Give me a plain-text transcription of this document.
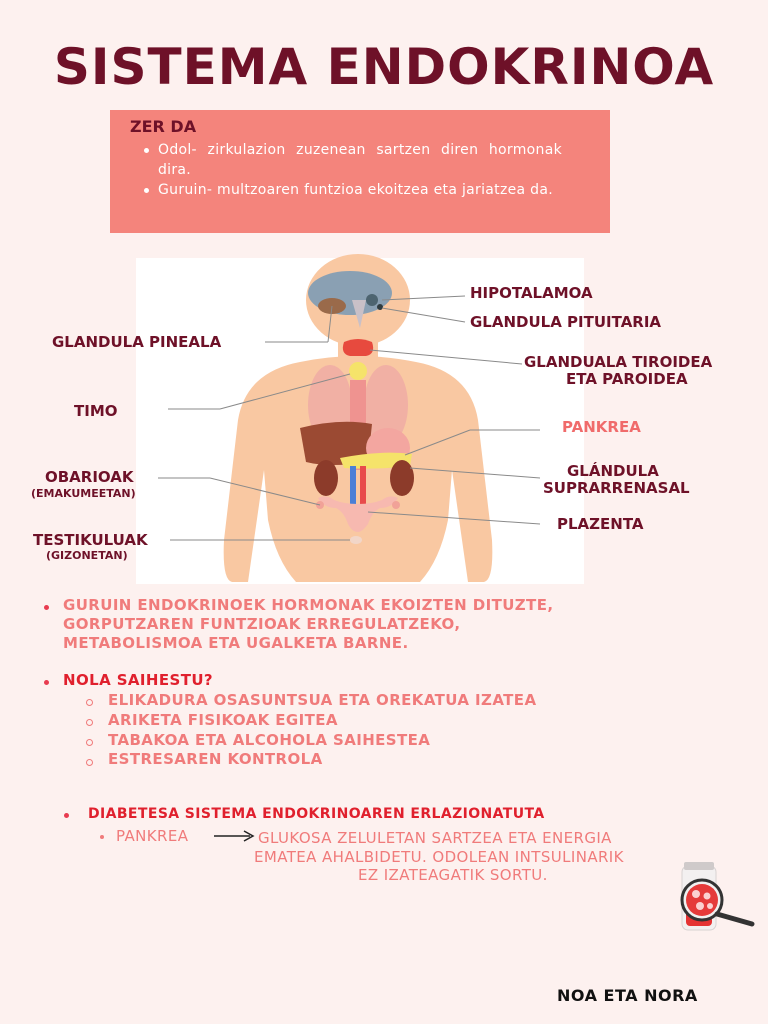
SISTEMA ENDOKRINOA
ZER DA
Odol- zirkulazion zuzenean sartzen diren hormonak dira.
Guruin- multzoaren funtzioa ekoitzea eta jariatzea da.
HIPOTALAMOA
GLANDULA PITUITARIA
GLANDULA PINEALA
GLANDUALA TIROIDEA
ETA PAROIDEA
TIMO
PANKREA
OBARIOAK
(EMAKUMEETAN)
GLÁNDULA
SUPRARRENASAL
PLAZENTA
TESTIKULUAK
(GIZONETAN)
GURUIN ENDOKRINOEK HORMONAK EKOIZTEN DITUZTE,
GORPUTZAREN FUNTZIOAK ERREGULATZEKO,
METABOLISMOA ETA UGALKETA BARNE.
NOLA SAIHESTU?
ELIKADURA OSASUNTSUA ETA OREKATUA IZATEA
ARIKETA FISIKOAK EGITEA
TABAKOA ETA ALCOHOLA SAIHESTEA
ESTRESAREN KONTROLA
DIABETESA SISTEMA ENDOKRINOAREN ERLAZIONATUTA
PANKREA	GLUKOSA ZELULETAN SARTZEA ETA ENERGIA
EMATEA AHALBIDETU. ODOLEAN INTSULINARIK
EZ IZATEAGATIK SORTU.
NOA ETA NORA
